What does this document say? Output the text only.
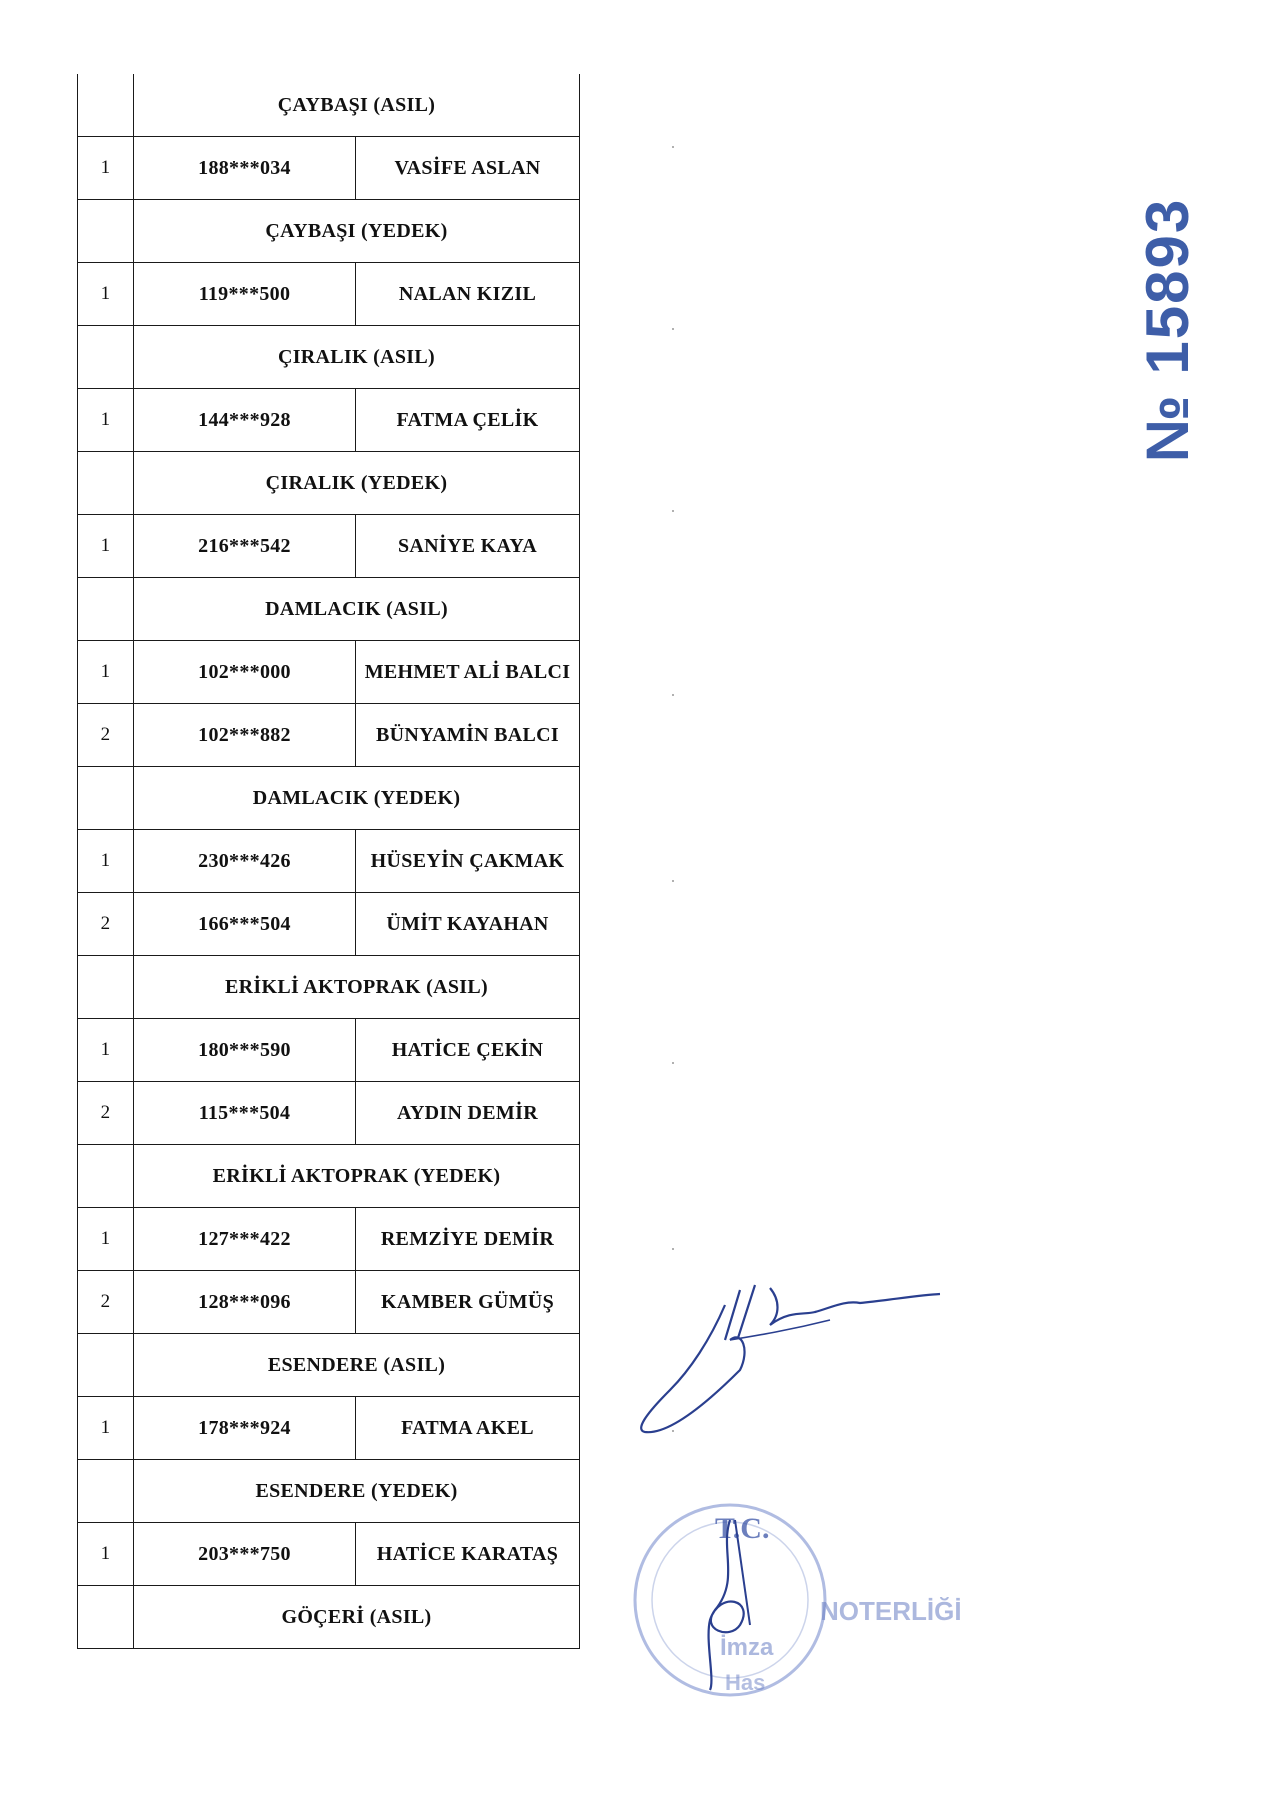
	ÇAYBAŞI (ASIL)	
1	188***034	VASİFE ASLAN
	ÇAYBAŞI (YEDEK)	
1	119***500	NALAN KIZIL
	ÇIRALIK (ASIL)	
1	144***928	FATMA ÇELİK
	ÇIRALIK (YEDEK)	
1	216***542	SANİYE KAYA
	DAMLACIK (ASIL)	
1	102***000	MEHMET ALİ BALCI
2	102***882	BÜNYAMİN BALCI
	DAMLACIK (YEDEK)	
1	230***426	HÜSEYİN ÇAKMAK
2	166***504	ÜMİT KAYAHAN
	ERİKLİ AKTOPRAK (ASIL)	
1	180***590	HATİCE ÇEKİN
2	115***504	AYDIN DEMİR
	ERİKLİ AKTOPRAK (YEDEK)	
1	127***422	REMZİYE DEMİR
2	128***096	KAMBER GÜMÜŞ
	ESENDERE (ASIL)	
1	178***924	FATMA AKEL
	ESENDERE (YEDEK)	
1	203***750	HATİCE KARATAŞ
	GÖÇERİ (ASIL)	
№ 15893
T.C.
NOTERLİĞİ
İmza
Has
